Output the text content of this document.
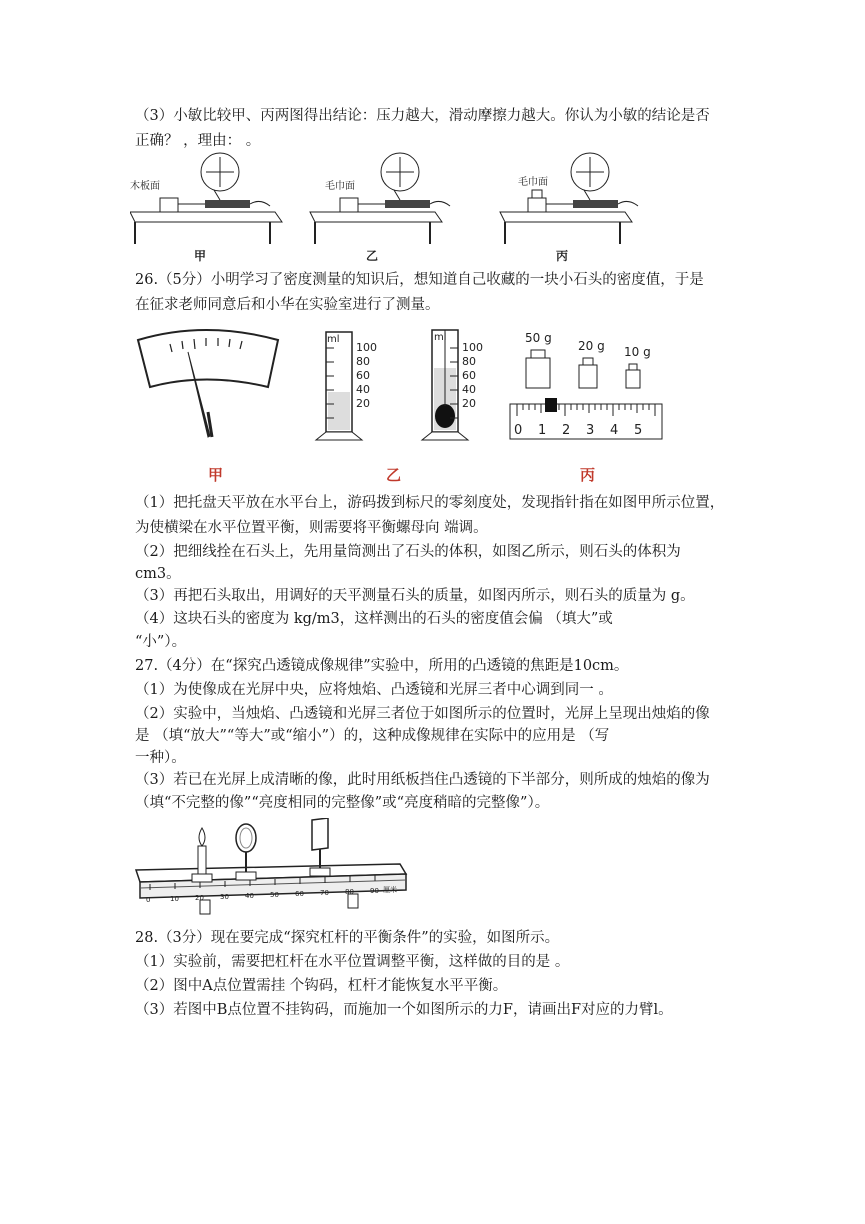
（3）小敏比较甲、丙两图得出结论：压力越大，滑动摩擦力越大。你认为小敏的结论是否
正确？ ，理由： 。
木板面
甲
毛巾面
乙
毛巾面
丙
26.（5分）小明学习了密度测量的知识后，想知道自己收藏的一块小石头的密度值，于是
在征求老师同意后和小华在实验室进行了测量。
甲
ml
100
80
60
40
20
ml
100
80
60
40
20
乙
50 g
20 g 10 g
0 1 2 3 4 5
丙
（1）把托盘天平放在水平台上，游码拨到标尺的零刻度处，发现指针指在如图甲所示位置，
为使横梁在水平位置平衡，则需要将平衡螺母向 端调。
（2）把细线拴在石头上，先用量筒测出了石头的体积，如图乙所示，则石头的体积为
cm3。
（3）再把石头取出，用调好的天平测量石头的质量，如图丙所示，则石头的质量为 g。
（4）这块石头的密度为 kg/m3，这样测出的石头的密度值会偏 （填大”或
“小”）。
27.（4分）在“探究凸透镜成像规律”实验中，所用的凸透镜的焦距是10cm。
（1）为使像成在光屏中央，应将烛焰、凸透镜和光屏三者中心调到同一 。
（2）实验中，当烛焰、凸透镜和光屏三者位于如图所示的位置时，光屏上呈现出烛焰的像
是 （填“放大”“等大”或“缩小”）的，这种成像规律在实际中的应用是 （写
一种）。
（3）若已在光屏上成清晰的像，此时用纸板挡住凸透镜的下半部分，则所成的烛焰的像为
（填“不完整的像”“亮度相同的完整像”或“亮度稍暗的完整像”）。
0	10 20 30 40 50 60 70 80 90 厘米
28.（3分）现在要完成“探究杠杆的平衡条件”的实验，如图所示。
（1）实验前，需要把杠杆在水平位置调整平衡，这样做的目的是 。
（2）图中A点位置需挂 个钩码，杠杆才能恢复水平平衡。
（3）若图中B点位置不挂钩码，而施加一个如图所示的力F，请画出F对应的力臂l。
